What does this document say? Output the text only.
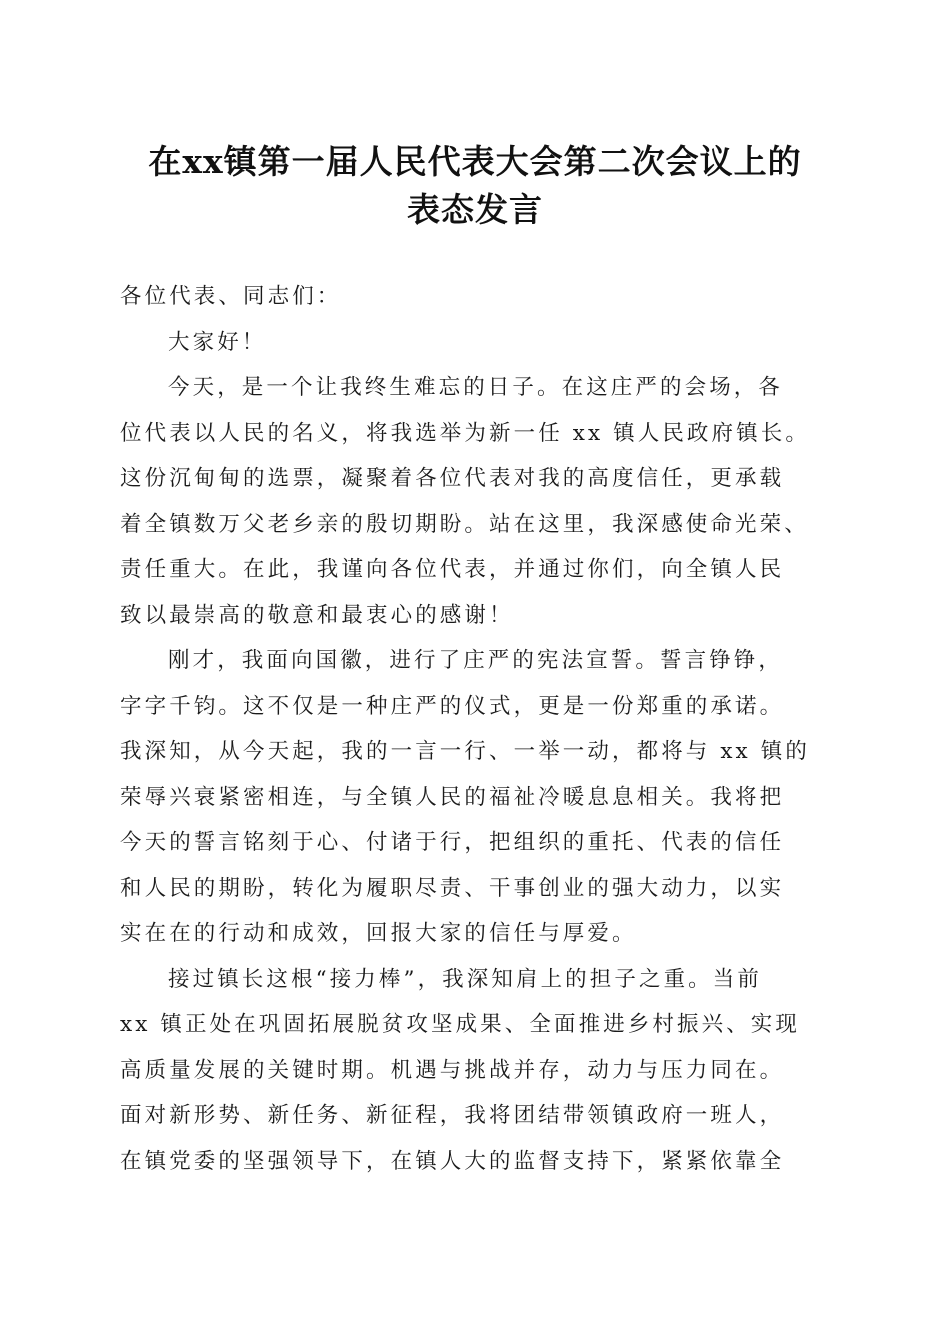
在xx镇第一届人民代表大会第二次会议上的
表态发言
各位代表、同志们：
大家好！
今天，是一个让我终生难忘的日子。在这庄严的会场，各
位代表以人民的名义，将我选举为新一任 xx 镇人民政府镇长。
这份沉甸甸的选票，凝聚着各位代表对我的高度信任，更承载
着全镇数万父老乡亲的殷切期盼。站在这里，我深感使命光荣、
责任重大。在此，我谨向各位代表，并通过你们，向全镇人民
致以最崇高的敬意和最衷心的感谢！
刚才，我面向国徽，进行了庄严的宪法宣誓。誓言铮铮，
字字千钧。这不仅是一种庄严的仪式，更是一份郑重的承诺。
我深知，从今天起，我的一言一行、一举一动，都将与 xx 镇的
荣辱兴衰紧密相连，与全镇人民的福祉冷暖息息相关。我将把
今天的誓言铭刻于心、付诸于行，把组织的重托、代表的信任
和人民的期盼，转化为履职尽责、干事创业的强大动力，以实
实在在的行动和成效，回报大家的信任与厚爱。
接过镇长这根“接力棒”，我深知肩上的担子之重。当前
xx 镇正处在巩固拓展脱贫攻坚成果、全面推进乡村振兴、实现
高质量发展的关键时期。机遇与挑战并存，动力与压力同在。
面对新形势、新任务、新征程，我将团结带领镇政府一班人，
在镇党委的坚强领导下，在镇人大的监督支持下，紧紧依靠全
